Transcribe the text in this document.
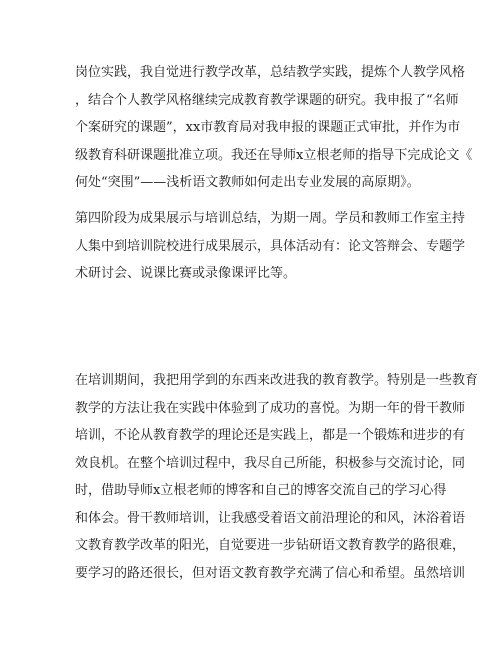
岗位实践，我自觉进行教学改革，总结教学实践，提炼个人教学风格
，结合个人教学风格继续完成教育教学课题的研究。我申报了“名师
个案研究的课题”，xx市教育局对我申报的课题正式审批，并作为市
级教育科研课题批准立项。我还在导师x立根老师的指导下完成论文《
何处“突围”——浅析语文教师如何走出专业发展的高原期》。
第四阶段为成果展示与培训总结，为期一周。学员和教师工作室主持
人集中到培训院校进行成果展示，具体活动有：论文答辩会、专题学
术研讨会、说课比赛或录像课评比等。
在培训期间，我把用学到的东西来改进我的教育教学。特别是一些教育
教学的方法让我在实践中体验到了成功的喜悦。为期一年的骨干教师
培训，不论从教育教学的理论还是实践上，都是一个锻炼和进步的有
效良机。在整个培训过程中，我尽自己所能，积极参与交流讨论，同
时，借助导师x立根老师的博客和自己的博客交流自己的学习心得
和体会。骨干教师培训，让我感受着语文前沿理论的和风，沐浴着语
文教育教学改革的阳光，自觉要进一步钻研语文教育教学的路很难，
要学习的路还很长，但对语文教育教学充满了信心和希望。虽然培训
